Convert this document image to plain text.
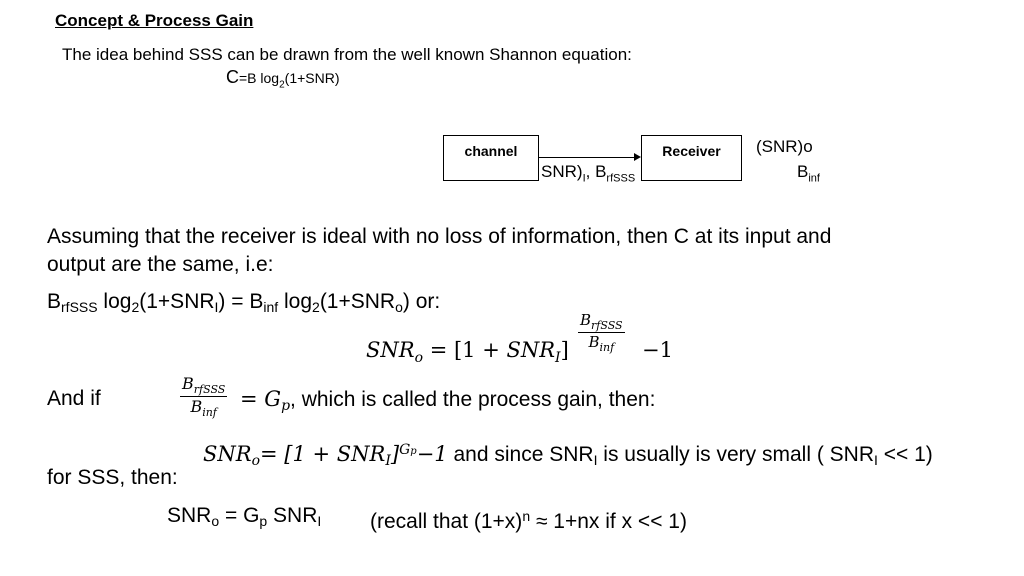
Concept & Process Gain
The idea behind SSS can be drawn from the well known Shannon equation:
C=B $\log_2(1+SNR)$
channel	Receiver
$SNR)_I$, $B_{rfSSS}$
(SNR)o
$B_{inf}$
Assuming that the receiver is ideal with no loss of information, then C at its input and
output are the same, i.e:
$B_{rfSSS}$ $\log_2(1+SNR_I) = B_{inf}$ $\log_2(1+SNR_o)$ or:
$SNR_o = [1 + SNR_I]$
$B_{rfSSS}$
$B_{inf}$	−1
And if
$B_{rfSSS}$
$B_{inf}$
= $G_p$, which is called the process gain, then:
$SNR_o= [1 + SNR_I]^{Gp}-1$ and since $SNR_I$ is usually is very small ( $SNR_I << 1$)
for SSS, then:
$SNR_o = G_p$ $SNR_I$ (recall that $(1+x)^n \approx 1+nx$ if x << 1)
